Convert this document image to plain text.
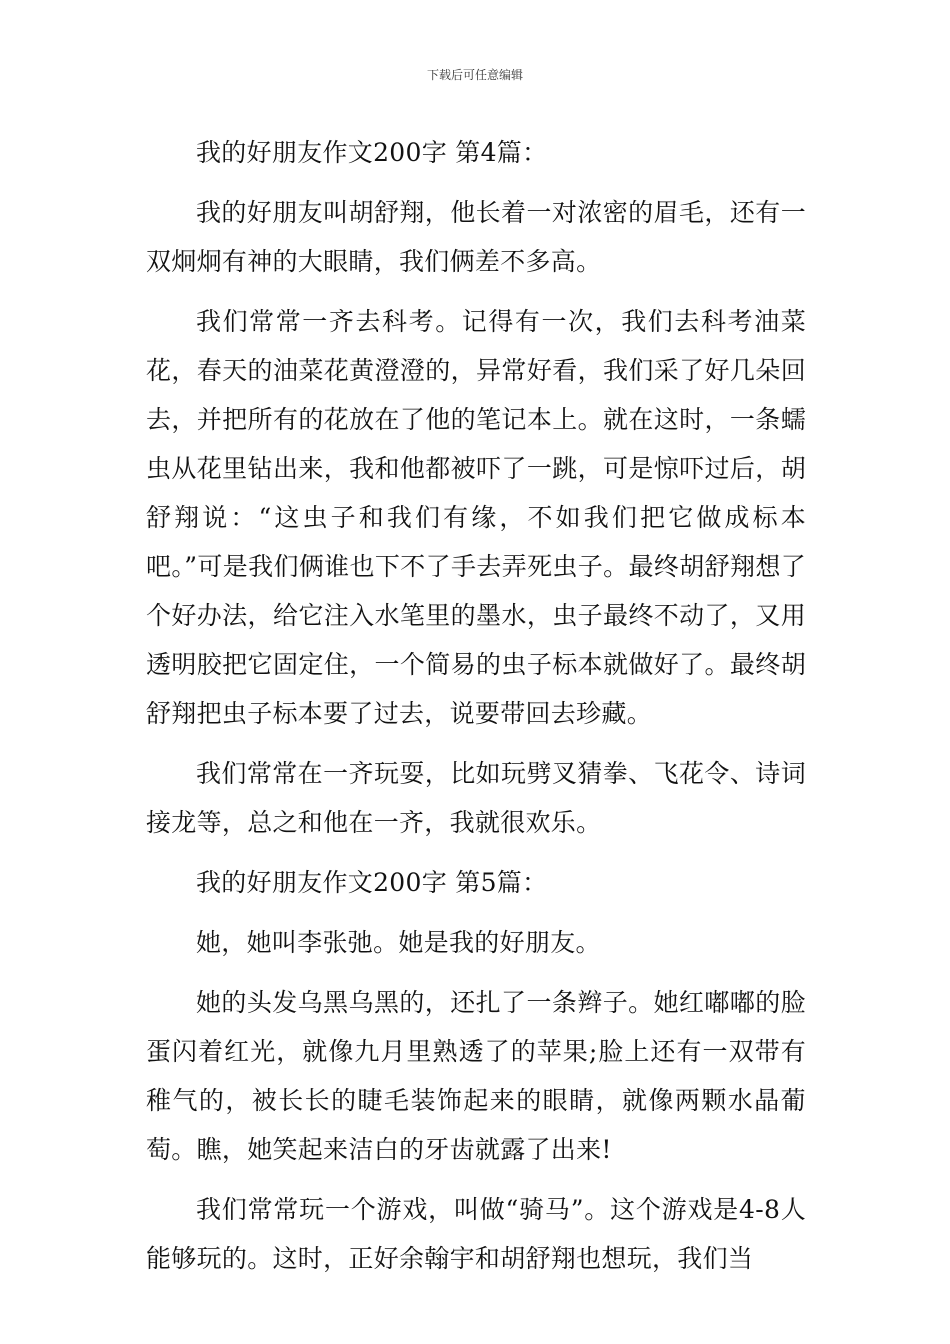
下载后可任意编辑

我的好朋友作文200字 第4篇：

我的好朋友叫胡舒翔，他长着一对浓密的眉毛，还有一双炯炯有神的大眼睛，我们俩差不多高。

我们常常一齐去科考。记得有一次，我们去科考油菜花，春天的油菜花黄澄澄的，异常好看，我们采了好几朵回去，并把所有的花放在了他的笔记本上。就在这时，一条蠕虫从花里钻出来，我和他都被吓了一跳，可是惊吓过后，胡舒翔说：“这虫子和我们有缘，不如我们把它做成标本吧。”可是我们俩谁也下不了手去弄死虫子。最终胡舒翔想了个好办法，给它注入水笔里的墨水，虫子最终不动了，又用透明胶把它固定住，一个简易的虫子标本就做好了。最终胡舒翔把虫子标本要了过去，说要带回去珍藏。

我们常常在一齐玩耍，比如玩劈叉猜拳、飞花令、诗词接龙等，总之和他在一齐，我就很欢乐。

我的好朋友作文200字 第5篇：

她，她叫李张弛。她是我的好朋友。

她的头发乌黑乌黑的，还扎了一条辫子。她红嘟嘟的脸蛋闪着红光，就像九月里熟透了的苹果;脸上还有一双带有稚气的，被长长的睫毛装饰起来的眼睛，就像两颗水晶葡萄。瞧，她笑起来洁白的牙齿就露了出来!

我们常常玩一个游戏，叫做“骑马”。这个游戏是4-8人能够玩的。这时，正好余翰宇和胡舒翔也想玩，我们当
